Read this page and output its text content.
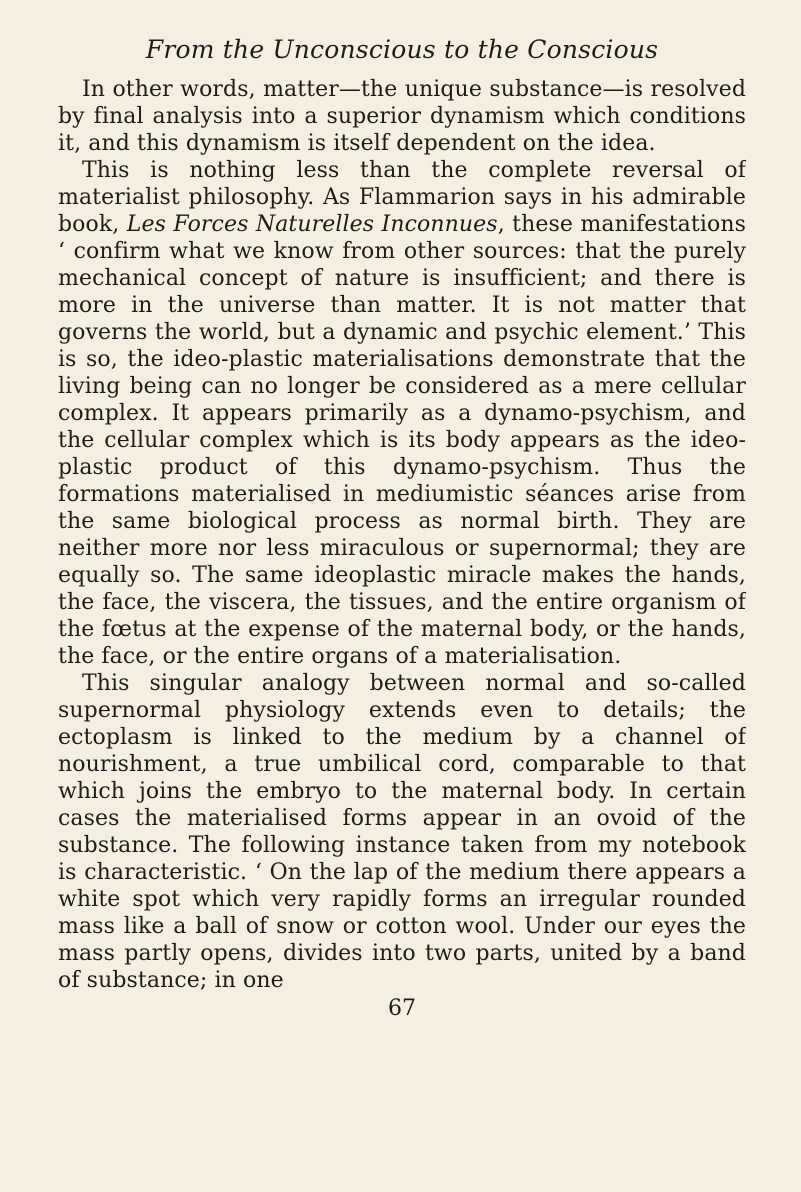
From the Unconscious to the Conscious

In other words, matter—the unique substance—is resolved by final analysis into a superior dynamism which conditions it, and this dynamism is itself dependent on the idea.

This is nothing less than the complete reversal of materialist philosophy. As Flammarion says in his admirable book, Les Forces Naturelles Inconnues, these manifestations ‘ confirm what we know from other sources: that the purely mechanical concept of nature is insufficient; and there is more in the universe than matter. It is not matter that governs the world, but a dynamic and psychic element.’ This is so, the ideo-plastic materialisations demonstrate that the living being can no longer be considered as a mere cellular complex. It appears primarily as a dynamo-psychism, and the cellular complex which is its body appears as the ideo-plastic product of this dynamo-psychism. Thus the formations materialised in mediumistic séances arise from the same biological process as normal birth. They are neither more nor less miraculous or supernormal; they are equally so. The same ideoplastic miracle makes the hands, the face, the viscera, the tissues, and the entire organism of the fœtus at the expense of the maternal body, or the hands, the face, or the entire organs of a materialisation.

This singular analogy between normal and so-called supernormal physiology extends even to details; the ectoplasm is linked to the medium by a channel of nourishment, a true umbilical cord, comparable to that which joins the embryo to the maternal body. In certain cases the materialised forms appear in an ovoid of the substance. The following instance taken from my notebook is characteristic. ‘ On the lap of the medium there appears a white spot which very rapidly forms an irregular rounded mass like a ball of snow or cotton wool. Under our eyes the mass partly opens, divides into two parts, united by a band of substance; in one

67
